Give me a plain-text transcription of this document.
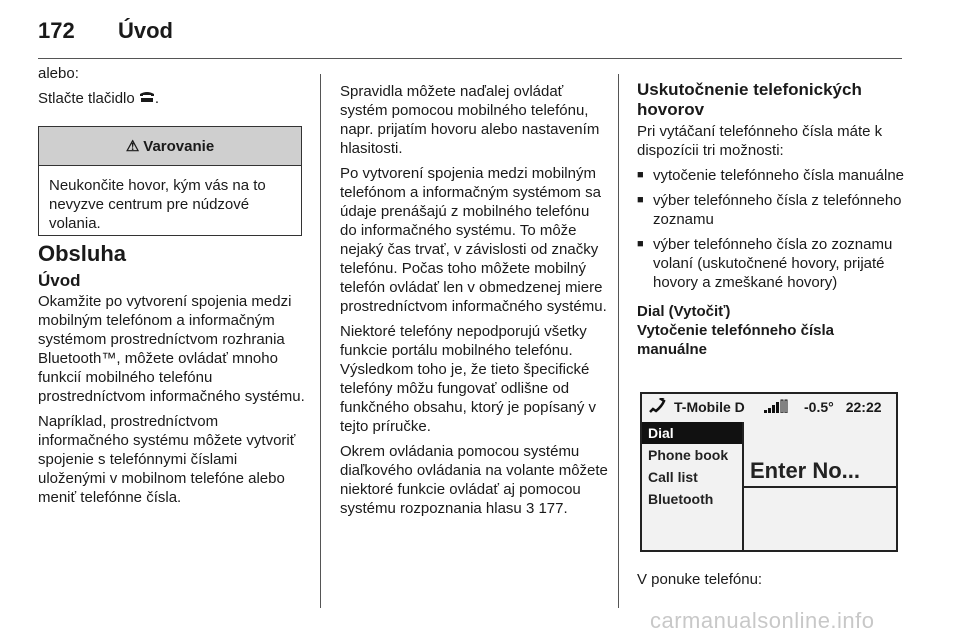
172 Úvod

alebo:

Stlačte tlačidlo .

⚠ Varovanie
Neukončite hovor, kým vás na to nevyzve centrum pre núdzové volania.
Obsluha
Úvod

Okamžite po vytvorení spojenia medzi mobilným telefónom a informačným systémom prostredníctvom rozhrania Bluetooth™, môžete ovládať mnoho funkcií mobilného telefónu prostredníctvom informačného systému.

Napríklad, prostredníctvom informačného systému môžete vytvoriť spojenie s telefónnymi číslami uloženými v mobilnom telefóne alebo meniť telefónne čísla.

Spravidla môžete naďalej ovládať systém pomocou mobilného telefónu, napr. prijatím hovoru alebo nastavením hlasitosti.

Po vytvorení spojenia medzi mobilným telefónom a informačným systémom sa údaje prenášajú z mobilného telefónu do informačného systému. To môže nejaký čas trvať, v závislosti od značky telefónu. Počas toho môžete mobilný telefón ovládať len v obmedzenej miere prostredníctvom informačného systému.

Niektoré telefóny nepodporujú všetky funkcie portálu mobilného telefónu. Výsledkom toho je, že tieto špecifické telefóny môžu fungovať odlišne od funkčného obsahu, ktorý je popísaný v tejto príručke.

Okrem ovládania pomocou systému diaľkového ovládania na volante môžete niektoré funkcie ovládať aj pomocou systému rozpoznania hlasu 3 177.

Uskutočnenie telefonických hovorov

Pri vytáčaní telefónneho čísla máte k dispozícii tri možnosti:

■ vytočenie telefónneho čísla manuálne
■ výber telefónneho čísla z telefónneho zoznamu
■ výber telefónneho čísla zo zoznamu volaní (uskutočnené hovory, prijaté hovory a zmeškané hovory)
Dial (Vytočiť)
Vytočenie telefónneho čísla manuálne
T-Mobile D	-0.5° 22:22
Dial
Phone book
Call list
Bluetooth
Enter No...
V ponuke telefónu:
carmanualsonline.info
